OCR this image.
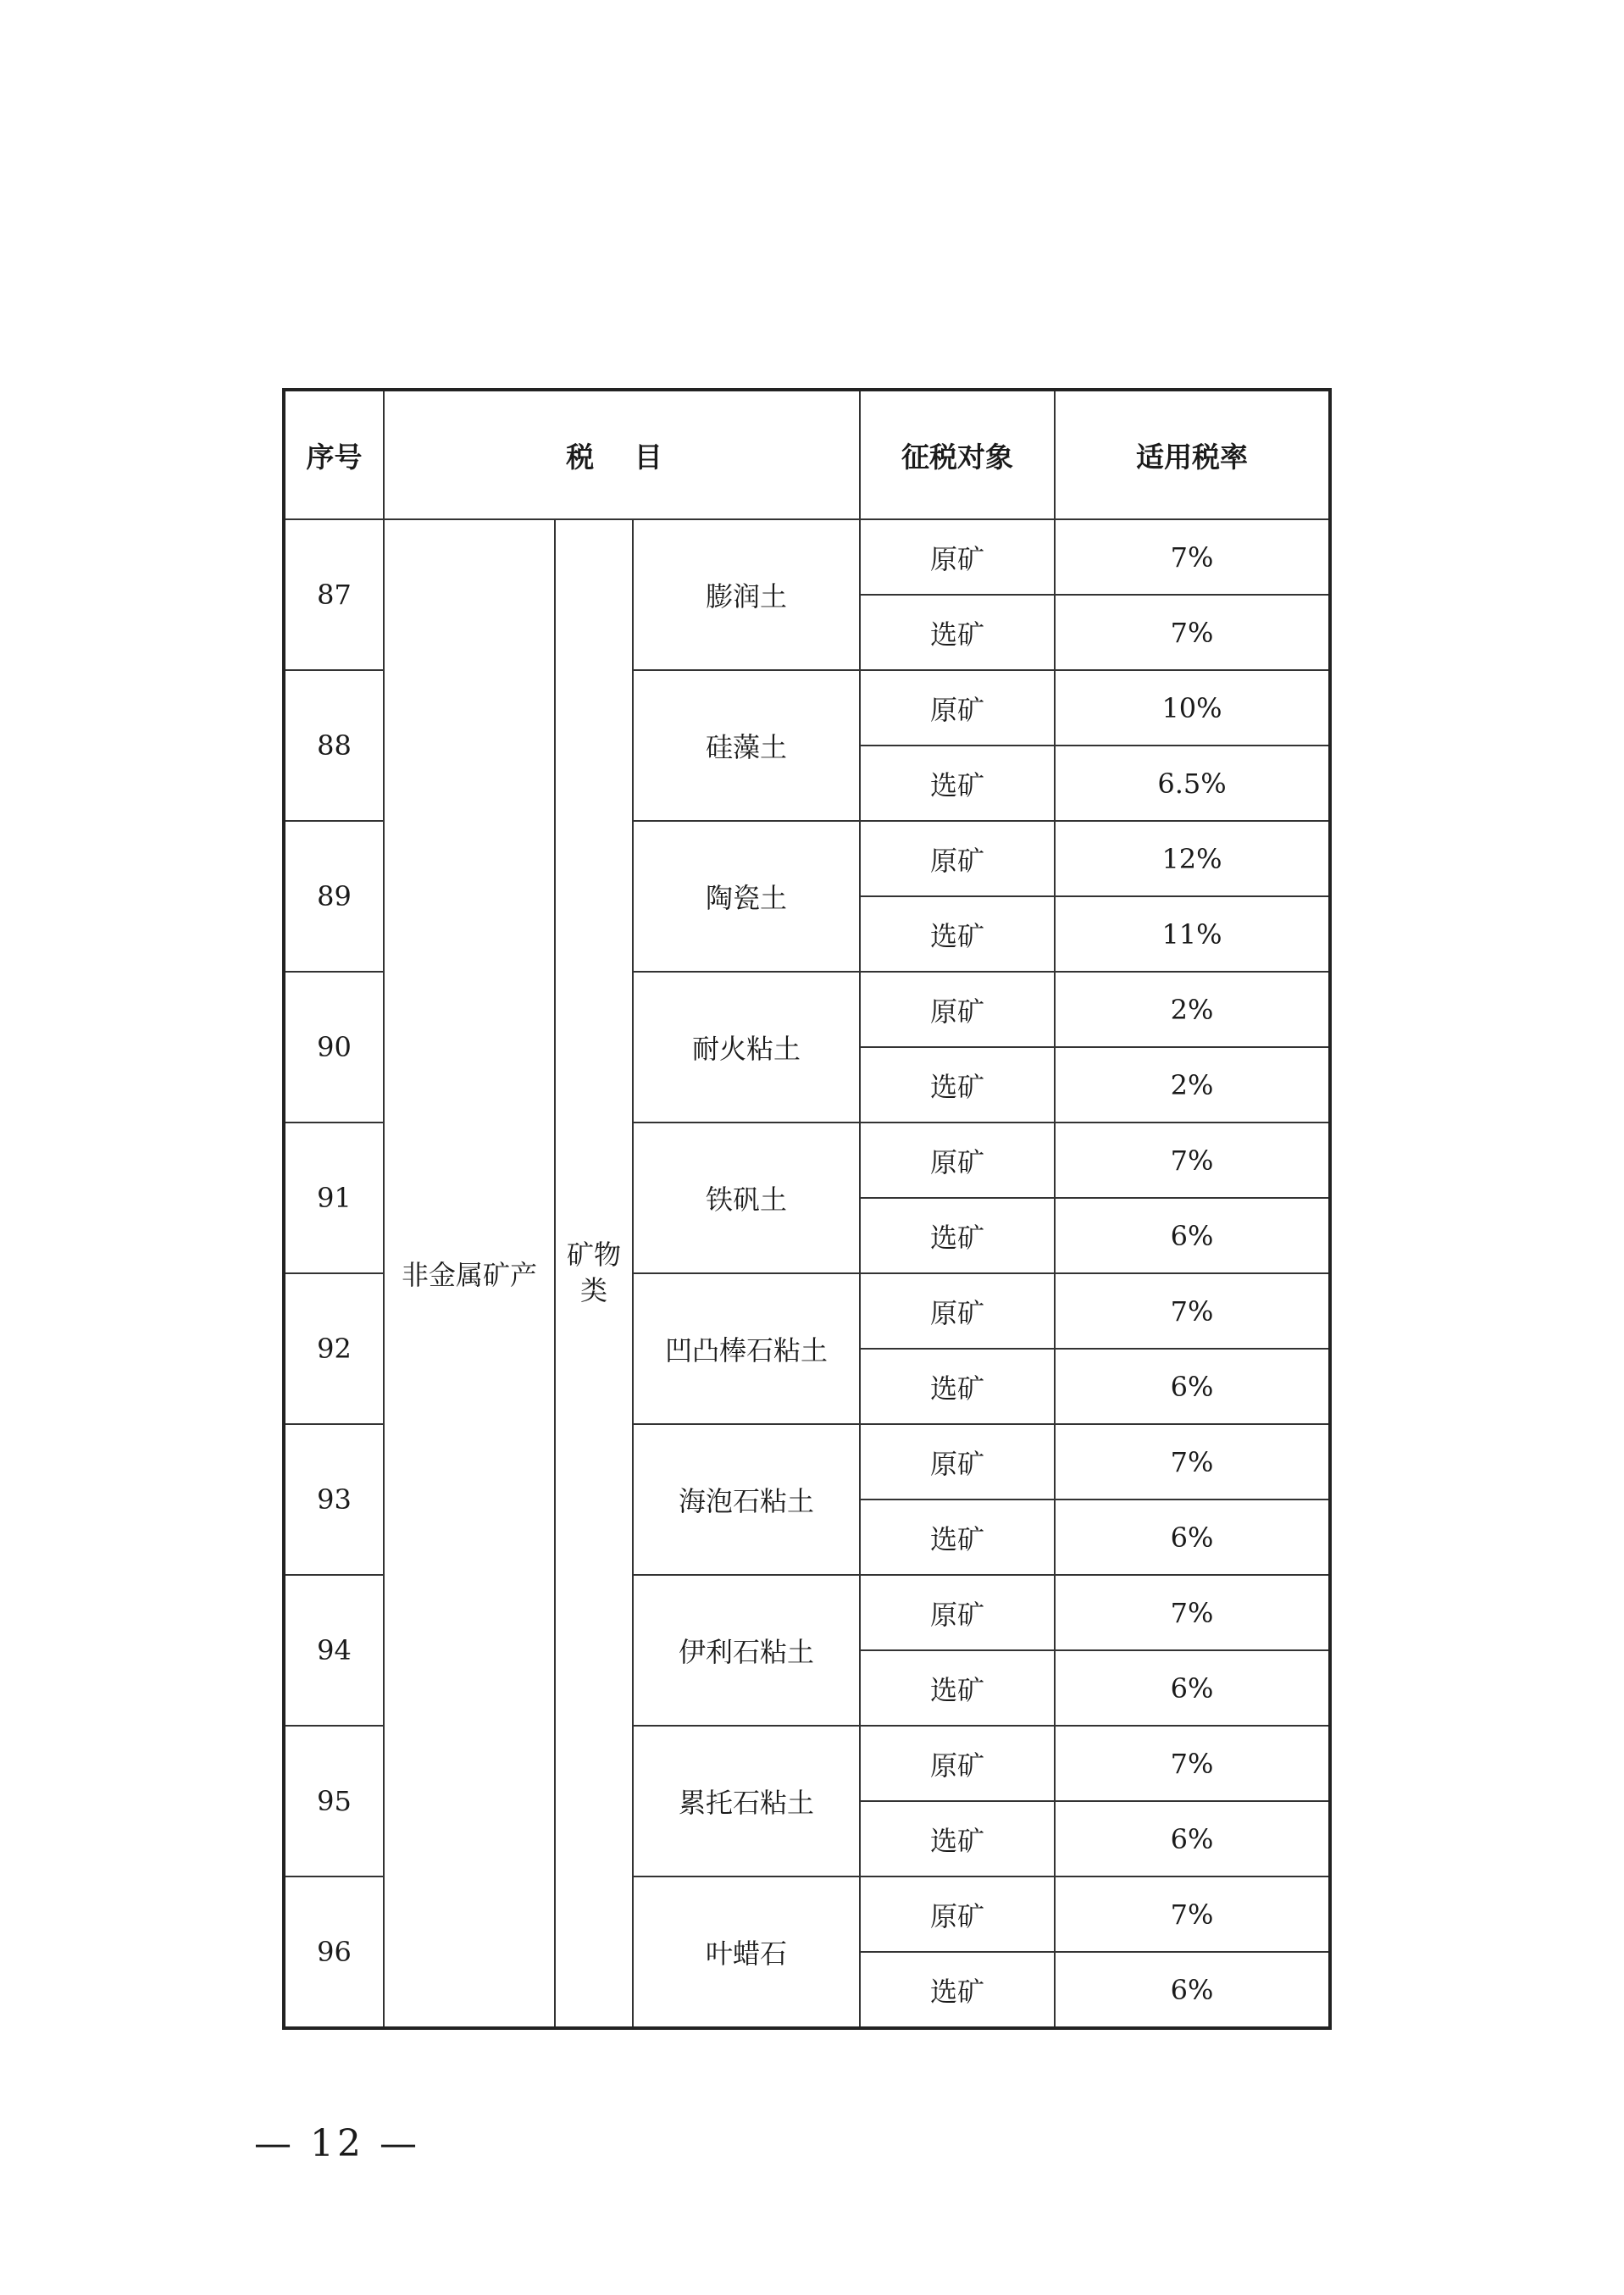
序号	税 目			征税对象	适用税率
87	非金属矿产	矿物类	膨润土	原矿	7%
				选矿	7%
88			硅藻土	原矿	10%
				选矿	6.5%
89			陶瓷土	原矿	12%
				选矿	11%
90			耐火粘土	原矿	2%
				选矿	2%
91			铁矾土	原矿	7%
				选矿	6%
92			凹凸棒石粘土	原矿	7%
				选矿	6%
93			海泡石粘土	原矿	7%
				选矿	6%
94			伊利石粘土	原矿	7%
				选矿	6%
95			累托石粘土	原矿	7%
				选矿	6%
96			叶蜡石	原矿	7%
				选矿	6%
— 12 —
